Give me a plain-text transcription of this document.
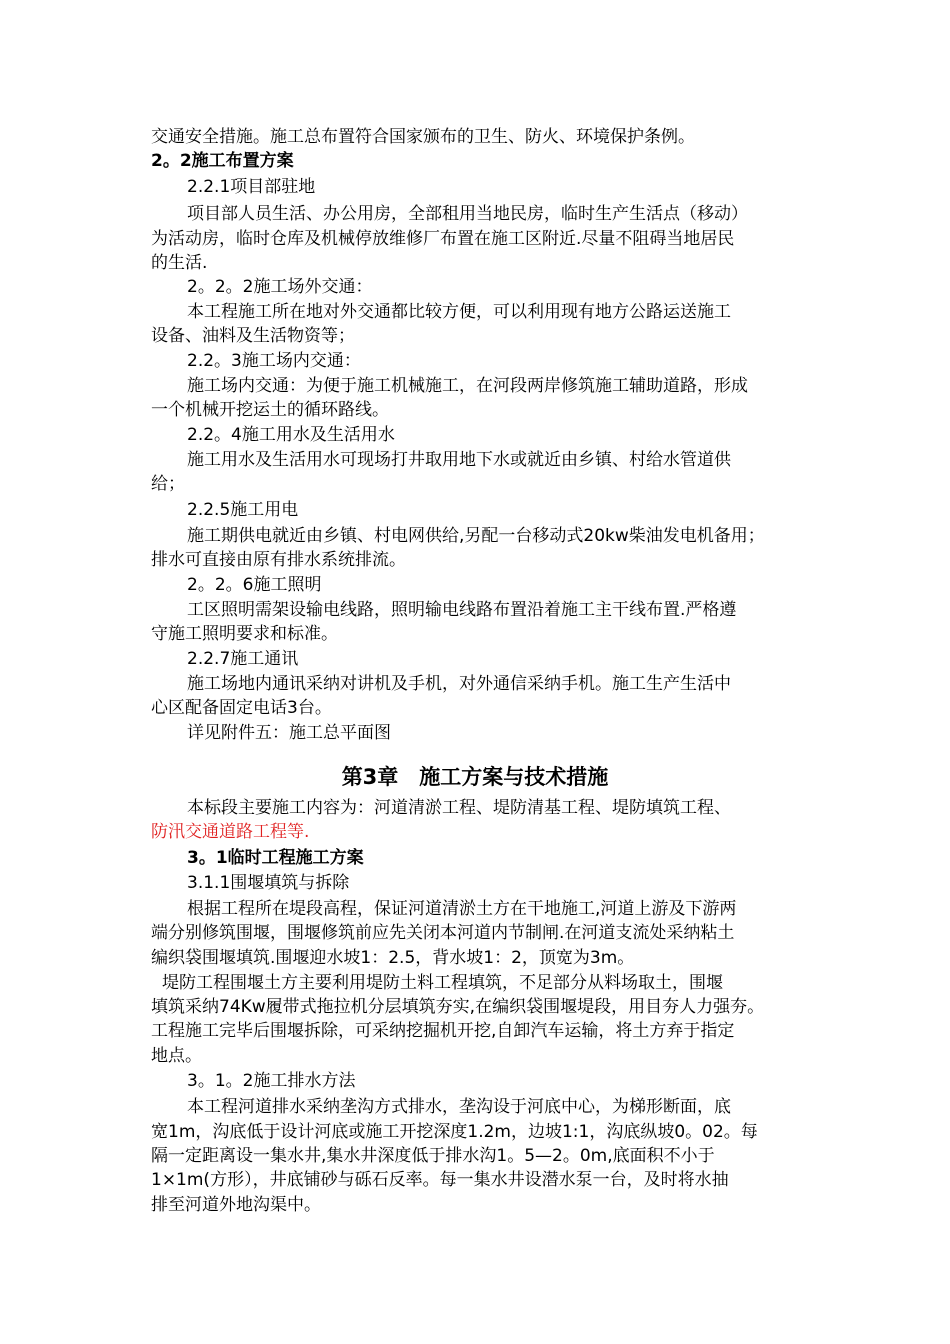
交通安全措施。施工总布置符合国家颁布的卫生、防火、环境保护条例。
2。2施工布置方案
2.2.1项目部驻地
项目部人员生活、办公用房，全部租用当地民房，临时生产生活点（移动）
为活动房，临时仓库及机械停放维修厂布置在施工区附近.尽量不阻碍当地居民
的生活.
2。2。2施工场外交通：
本工程施工所在地对外交通都比较方便，可以利用现有地方公路运送施工
设备、油料及生活物资等；
2.2。3施工场内交通：
施工场内交通：为便于施工机械施工，在河段两岸修筑施工辅助道路，形成
一个机械开挖运土的循环路线。
2.2。4施工用水及生活用水
施工用水及生活用水可现场打井取用地下水或就近由乡镇、村给水管道供
给；
2.2.5施工用电
施工期供电就近由乡镇、村电网供给,另配一台移动式20kw柴油发电机备用；
排水可直接由原有排水系统排流。
2。2。6施工照明
工区照明需架设输电线路，照明输电线路布置沿着施工主干线布置.严格遵
守施工照明要求和标准。
2.2.7施工通讯
施工场地内通讯采纳对讲机及手机，对外通信采纳手机。施工生产生活中
心区配备固定电话3台。
详见附件五：施工总平面图
第3章　施工方案与技术措施
本标段主要施工内容为：河道清淤工程、堤防清基工程、堤防填筑工程、
防汛交通道路工程等.
3。1临时工程施工方案
3.1.1围堰填筑与拆除
根据工程所在堤段高程，保证河道清淤土方在干地施工,河道上游及下游两
端分别修筑围堰，围堰修筑前应先关闭本河道内节制闸.在河道支流处采纳粘土
编织袋围堰填筑.围堰迎水坡1：2.5，背水坡1：2，顶宽为3m。
堤防工程围堰土方主要利用堤防土料工程填筑，不足部分从料场取土，围堰
填筑采纳74Kw履带式拖拉机分层填筑夯实,在编织袋围堰堤段，用目夯人力强夯。
工程施工完毕后围堰拆除，可采纳挖掘机开挖,自卸汽车运输，将土方弃于指定
地点。
3。1。2施工排水方法
本工程河道排水采纳垄沟方式排水，垄沟设于河底中心，为梯形断面，底
宽1m，沟底低于设计河底或施工开挖深度1.2m，边坡1:1，沟底纵坡0。02。每
隔一定距离设一集水井,集水井深度低于排水沟1。5—2。0m,底面积不小于
1×1m(方形），井底铺砂与砾石反率。每一集水井设潜水泵一台，及时将水抽
排至河道外地沟渠中。
